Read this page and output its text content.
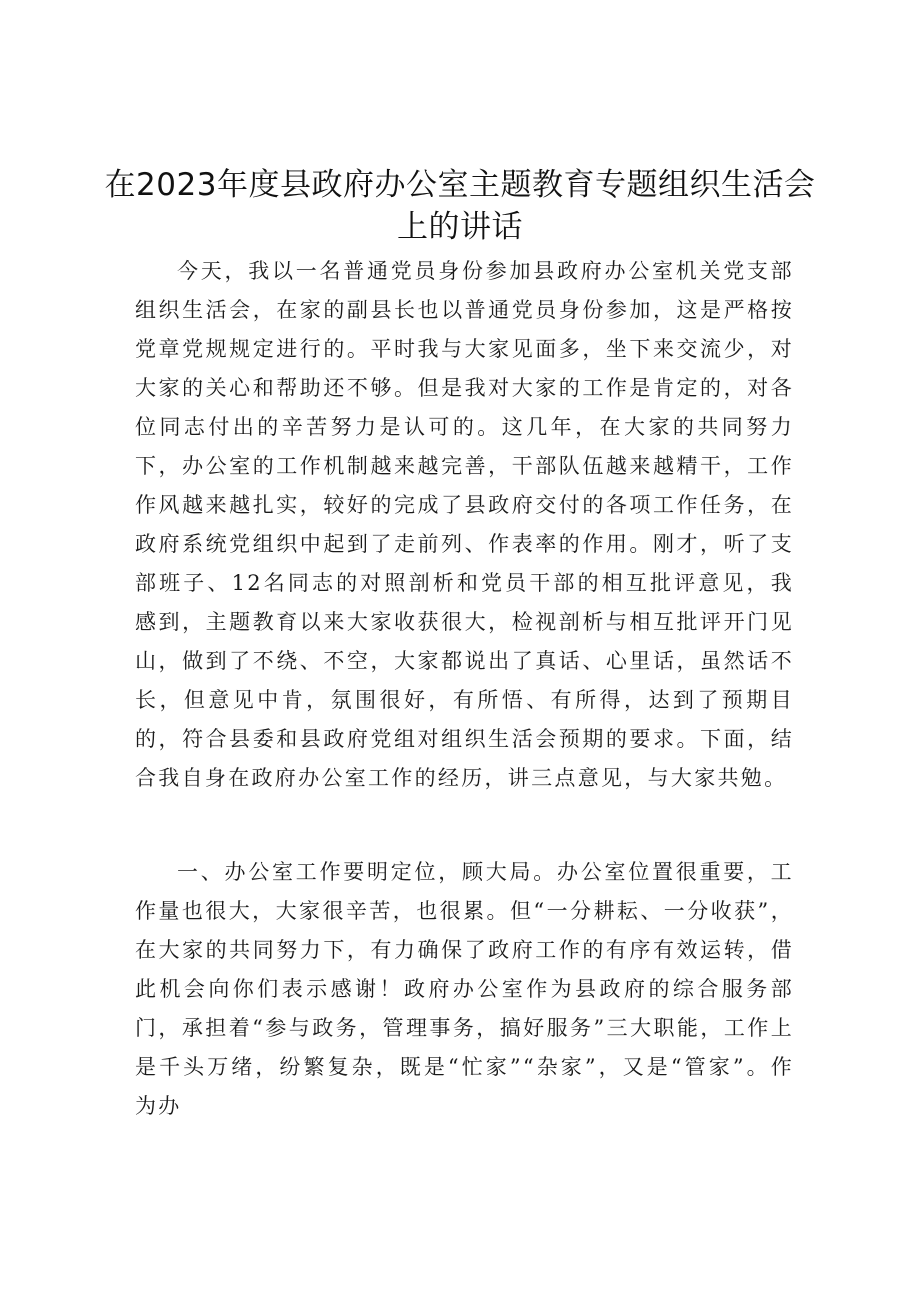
在2023年度县政府办公室主题教育专题组织生活会上的讲话

今天，我以一名普通党员身份参加县政府办公室机关党支部组织生活会，在家的副县长也以普通党员身份参加，这是严格按党章党规规定进行的。平时我与大家见面多，坐下来交流少，对大家的关心和帮助还不够。但是我对大家的工作是肯定的，对各位同志付出的辛苦努力是认可的。这几年，在大家的共同努力下，办公室的工作机制越来越完善，干部队伍越来越精干，工作作风越来越扎实，较好的完成了县政府交付的各项工作任务，在政府系统党组织中起到了走前列、作表率的作用。刚才，听了支部班子、12名同志的对照剖析和党员干部的相互批评意见，我感到，主题教育以来大家收获很大，检视剖析与相互批评开门见山，做到了不绕、不空，大家都说出了真话、心里话，虽然话不长，但意见中肯，氛围很好，有所悟、有所得，达到了预期目的，符合县委和县政府党组对组织生活会预期的要求。下面，结合我自身在政府办公室工作的经历，讲三点意见，与大家共勉。

一、办公室工作要明定位，顾大局。办公室位置很重要，工作量也很大，大家很辛苦，也很累。但“一分耕耘、一分收获”，在大家的共同努力下，有力确保了政府工作的有序有效运转，借此机会向你们表示感谢！政府办公室作为县政府的综合服务部门，承担着“参与政务，管理事务，搞好服务”三大职能，工作上是千头万绪，纷繁复杂，既是“忙家”“杂家”，又是“管家”。作为办
